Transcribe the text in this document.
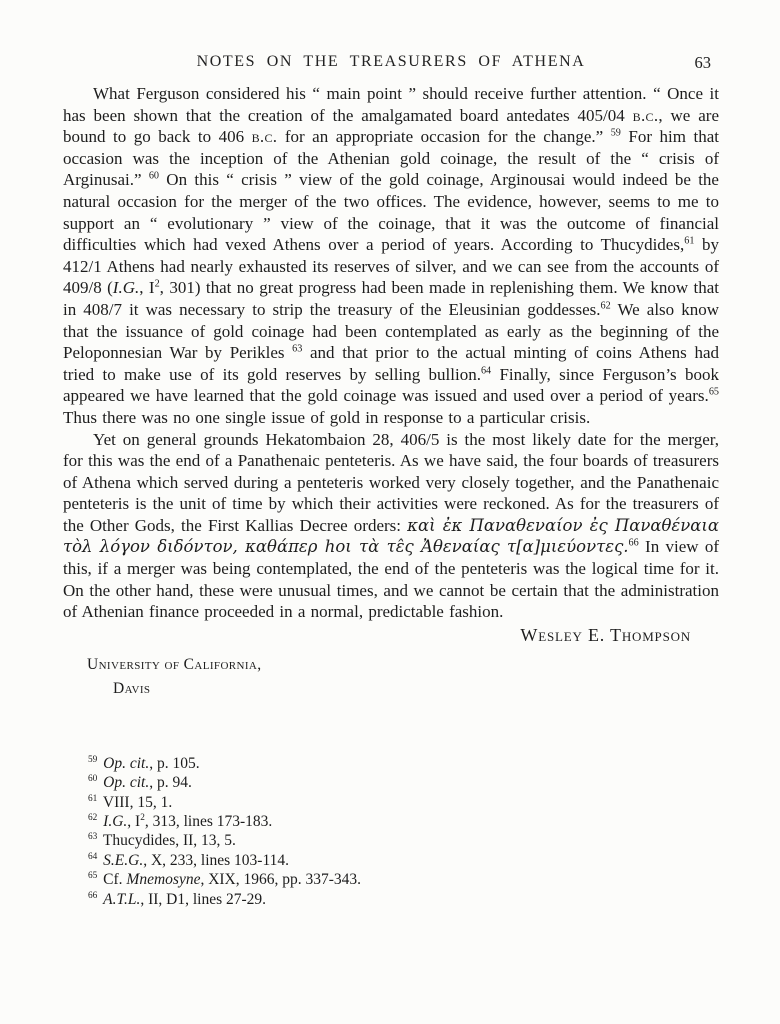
NOTES ON THE TREASURERS OF ATHENA	63

What Ferguson considered his “ main point ” should receive further attention. “ Once it has been shown that the creation of the amalgamated board antedates 405/04 b.c., we are bound to go back to 406 b.c. for an appropriate occasion for the change.” $^{59}$ For him that occasion was the inception of the Athenian gold coinage, the result of the “ crisis of Arginusai.” $^{60}$ On this “ crisis ” view of the gold coinage, Arginousai would indeed be the natural occasion for the merger of the two offices. The evidence, however, seems to me to support an “ evolutionary ” view of the coinage, that it was the outcome of financial difficulties which had vexed Athens over a period of years. According to Thucydides,$^{61}$ by 412/1 Athens had nearly exhausted its reserves of silver, and we can see from the accounts of 409/8 (I.G., $I^2$, 301) that no great progress had been made in replenishing them. We know that in 408/7 it was necessary to strip the treasury of the Eleusinian goddesses.$^{62}$ We also know that the issuance of gold coinage had been contemplated as early as the beginning of the Peloponnesian War by Perikles $^{63}$ and that prior to the actual minting of coins Athens had tried to make use of its gold reserves by selling bullion.$^{64}$ Finally, since Ferguson’s book appeared we have learned that the gold coinage was issued and used over a period of years.$^{65}$ Thus there was no one single issue of gold in response to a particular crisis.

Yet on general grounds Hekatombaion 28, 406/5 is the most likely date for the merger, for this was the end of a Panathenaic penteteris. As we have said, the four boards of treasurers of Athena which served during a penteteris worked very closely together, and the Panathenaic penteteris is the unit of time by which their activities were reckoned. As for the treasurers of the Other Gods, the First Kallias Decree orders: καὶ ἐκ Παναθεναίον ἐς Παναθέναια τὸλ λόγον διδόντον, καθάπερ hοι τὰ τε̂ς Ἀθεναίας τ[α]μιεύοντες.$^{66}$ In view of this, if a merger was being contemplated, the end of the penteteris was the logical time for it. On the other hand, these were unusual times, and we cannot be certain that the administration of Athenian finance proceeded in a normal, predictable fashion.

Wesley E. Thompson
University of California,
Davis
$^{59}$ Op. cit., p. 105.
$^{60}$ Op. cit., p. 94.
$^{61}$ VIII, 15, 1.
$^{62}$ I.G., $I^2$, 313, lines 173-183.
$^{63}$ Thucydides, II, 13, 5.
$^{64}$ S.E.G., X, 233, lines 103-114.
$^{65}$ Cf. Mnemosyne, XIX, 1966, pp. 337-343.
$^{66}$ A.T.L., II, D1, lines 27-29.
